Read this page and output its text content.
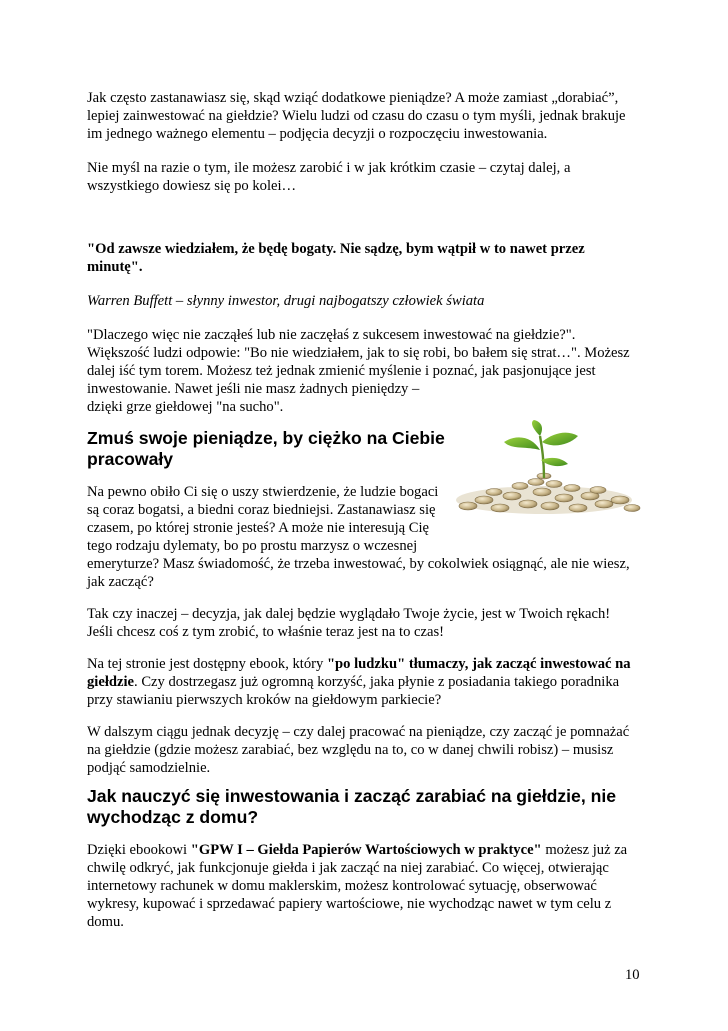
Jak często zastanawiasz się, skąd wziąć dodatkowe pieniądze? A może zamiast „dorabiać”,

lepiej zainwestować na giełdzie? Wielu ludzi od czasu do czasu o tym myśli, jednak brakuje

im jednego ważnego elementu – podjęcia decyzji o rozpoczęciu inwestowania.

Nie myśl na razie o tym, ile możesz zarobić i w jak krótkim czasie – czytaj dalej, a

wszystkiego dowiesz się po kolei…

"Od zawsze wiedziałem, że będę bogaty. Nie sądzę, bym wątpił w to nawet przez

minutę".

Warren Buffett – słynny inwestor, drugi najbogatszy człowiek świata

"Dlaczego więc nie zacząłeś lub nie zaczęłaś z sukcesem inwestować na giełdzie?".

Większość ludzi odpowie: "Bo nie wiedziałem, jak to się robi, bo bałem się strat…". Możesz

dalej iść tym torem. Możesz też jednak zmienić myślenie i poznać, jak pasjonujące jest

inwestowanie. Nawet jeśli nie masz żadnych pieniędzy –

dzięki grze giełdowej "na sucho".

Zmuś swoje pieniądze, by ciężko na Ciebie
pracowały

Na pewno obiło Ci się o uszy stwierdzenie, że ludzie bogaci

są coraz bogatsi, a biedni coraz biedniejsi. Zastanawiasz się

czasem, po której stronie jesteś? A może nie interesują Cię

tego rodzaju dylematy, bo po prostu marzysz o wczesnej

emeryturze? Masz świadomość, że trzeba inwestować, by cokolwiek osiągnąć, ale nie wiesz,

jak zacząć?

Tak czy inaczej – decyzja, jak dalej będzie wyglądało Twoje życie, jest w Twoich rękach!

Jeśli chcesz coś z tym zrobić, to właśnie teraz jest na to czas!

Na tej stronie jest dostępny ebook, który "po ludzku" tłumaczy, jak zacząć inwestować na

giełdzie. Czy dostrzegasz już ogromną korzyść, jaka płynie z posiadania takiego poradnika

przy stawianiu pierwszych kroków na giełdowym parkiecie?

W dalszym ciągu jednak decyzję – czy dalej pracować na pieniądze, czy zacząć je pomnażać

na giełdzie (gdzie możesz zarabiać, bez względu na to, co w danej chwili robisz) – musisz

podjąć samodzielnie.

Jak nauczyć się inwestowania i zacząć zarabiać na giełdzie, nie
wychodząc z domu?

Dzięki ebookowi "GPW I – Giełda Papierów Wartościowych w praktyce" możesz już za

chwilę odkryć, jak funkcjonuje giełda i jak zacząć na niej zarabiać. Co więcej, otwierając

internetowy rachunek w domu maklerskim, możesz kontrolować sytuację, obserwować

wykresy, kupować i sprzedawać papiery wartościowe, nie wychodząc nawet w tym celu z

domu.

10
